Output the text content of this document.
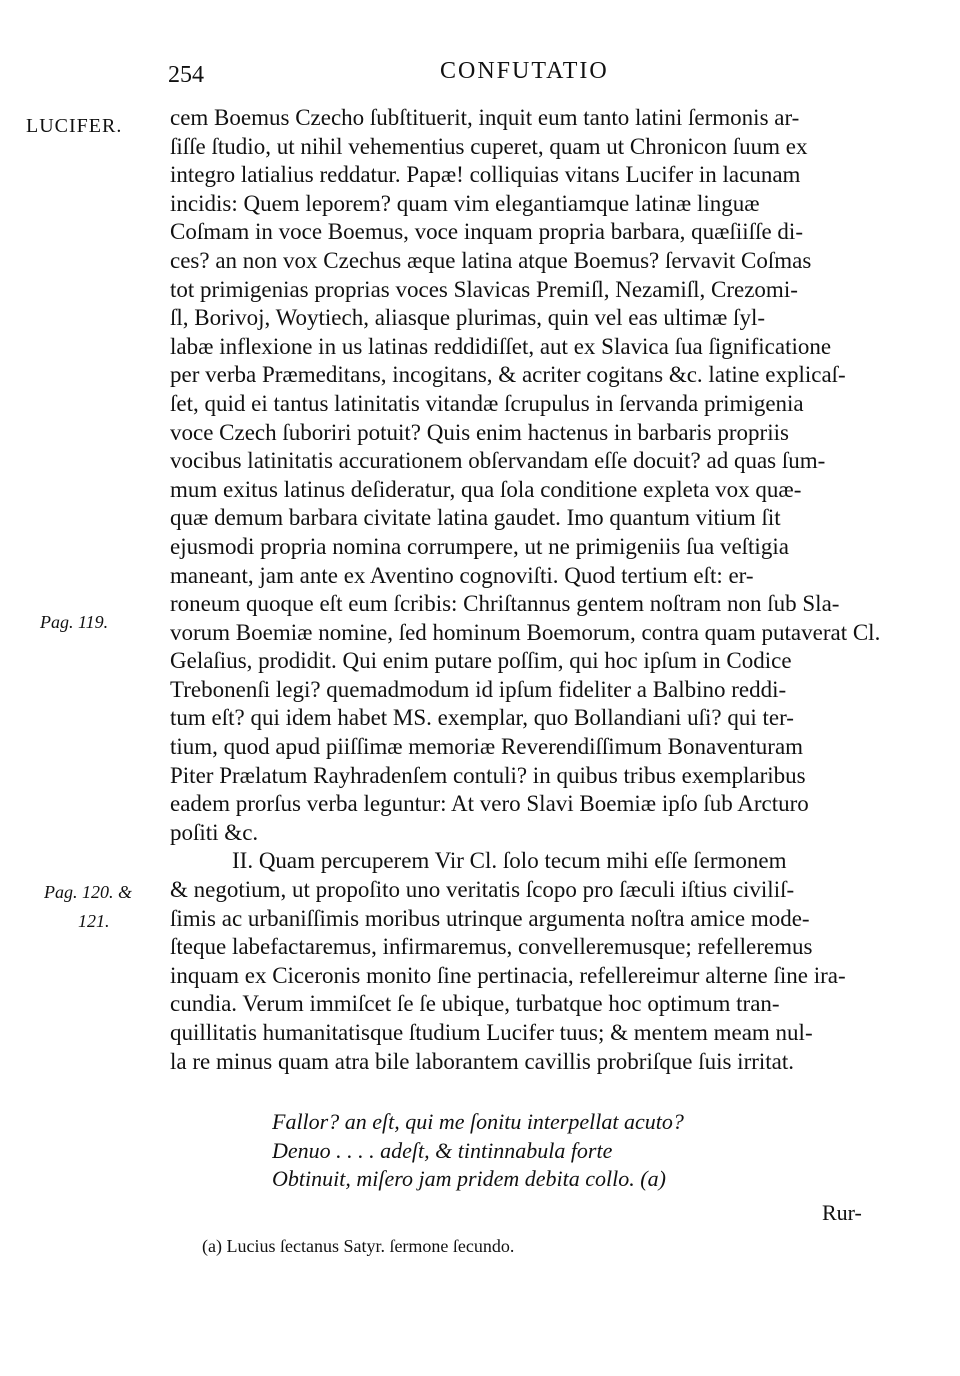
254	CONFUTATIO
LUCIFER.
Pag. 119.
Pag. 120. &
121.
cem Boemus Czecho ſubſtituerit, inquit eum tanto latini ſermonis ar-
ſiſſe ſtudio, ut nihil vehementius cuperet, quam ut Chronicon ſuum ex
integro latialius reddatur. Papæ! colliquias vitans Lucifer in lacunam
incidis: Quem leporem? quam vim elegantiamque latinæ linguæ
Coſmam in voce Boemus, voce inquam propria barbara, quæſiiſſe di-
ces? an non vox Czechus æque latina atque Boemus? ſervavit Coſmas
tot primigenias proprias voces Slavicas Premiſl, Nezamiſl, Crezomi-
ſl, Borivoj, Woytiech, aliasque plurimas, quin vel eas ultimæ ſyl-
labæ inflexione in us latinas reddidiſſet, aut ex Slavica ſua ſignificatione
per verba Præmeditans, incogitans, & acriter cogitans &c. latine explicaſ-
ſet, quid ei tantus latinitatis vitandæ ſcrupulus in ſervanda primigenia
voce Czech ſuboriri potuit? Quis enim hactenus in barbaris propriis
vocibus latinitatis accurationem obſervandam eſſe docuit? ad quas ſum-
mum exitus latinus deſideratur, qua ſola conditione expleta vox quæ-
quæ demum barbara civitate latina gaudet. Imo quantum vitium ſit
ejusmodi propria nomina corrumpere, ut ne primigeniis ſua veſtigia
maneant, jam ante ex Aventino cognoviſti. Quod tertium eſt: er-
roneum quoque eſt eum ſcribis: Chriſtannus gentem noſtram non ſub Sla-
vorum Boemiæ nomine, ſed hominum Boemorum, contra quam putaverat Cl.
Gelaſius, prodidit. Qui enim putare poſſim, qui hoc ipſum in Codice
Trebonenſi legi? quemadmodum id ipſum fideliter a Balbino reddi-
tum eſt? qui idem habet MS. exemplar, quo Bollandiani uſi? qui ter-
tium, quod apud piiſſimæ memoriæ Reverendiſſimum Bonaventuram
Piter Prælatum Rayhradenſem contuli? in quibus tribus exemplaribus
eadem prorſus verba leguntur: At vero Slavi Boemiæ ipſo ſub Arcturo
poſiti &c.
II. Quam percuperem Vir Cl. ſolo tecum mihi eſſe ſermonem
& negotium, ut propoſito uno veritatis ſcopo pro ſæculi iſtius civiliſ-
ſimis ac urbaniſſimis moribus utrinque argumenta noſtra amice mode-
ſteque labefactaremus, infirmaremus, convelleremusque; refelleremus
inquam ex Ciceronis monito ſine pertinacia, refellereimur alterne ſine ira-
cundia. Verum immiſcet ſe ſe ubique, turbatque hoc optimum tran-
quillitatis humanitatisque ſtudium Lucifer tuus; & mentem meam nul-
la re minus quam atra bile laborantem cavillis probriſque ſuis irritat.
Fallor? an eſt, qui me ſonitu interpellat acuto?
Denuo . . . . adeſt, & tintinnabula forte
Obtinuit, miſero jam pridem debita collo. (a)
Rur-
(a) Lucius ſectanus Satyr. ſermone ſecundo.
